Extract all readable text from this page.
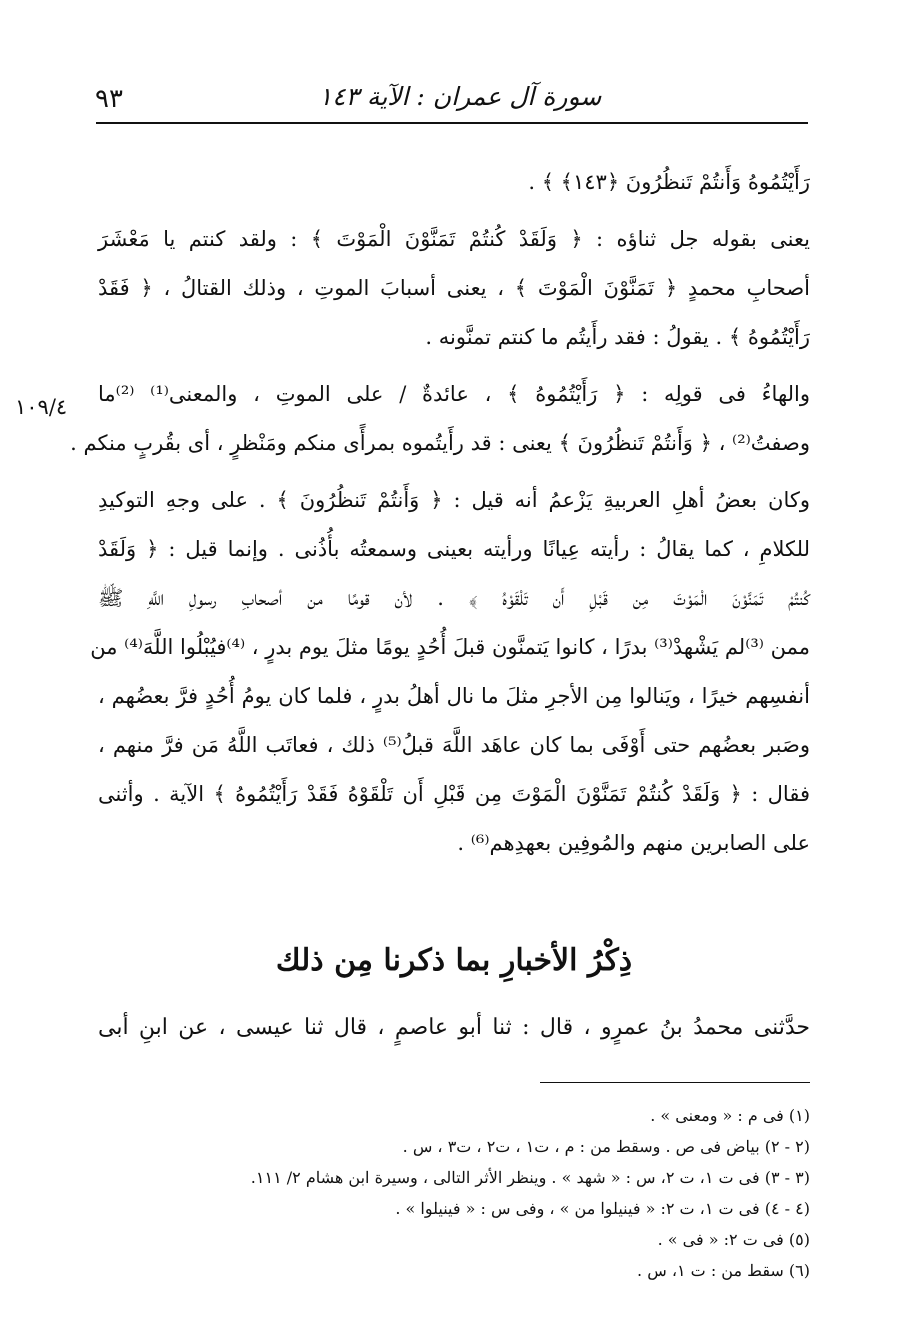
٩٣	سورة آل عمران : الآية ١٤٣
١٠٩/٤
رَأَيْتُمُوهُ وَأَنتُمْ تَنظُرُونَ ﴿١٤٣﴾ ﴾ .
يعنى بقوله جل ثناؤه : ﴿ وَلَقَدْ كُنتُمْ تَمَنَّوْنَ الْمَوْتَ ﴾ : ولقد كنتم يا مَعْشَرَ
أصحابِ محمدٍ ﴿ تَمَنَّوْنَ الْمَوْتَ ﴾ ، يعنى أسبابَ الموتِ ، وذلك القتالُ ، ﴿ فَقَدْ
رَأَيْتُمُوهُ ﴾ . يقولُ : فقد رأَيتُم ما كنتم تمنَّونه .
والهاءُ فى قولِه : ﴿ رَأَيْتُمُوهُ ﴾ ، عائدةٌ / على الموتِ ، والمعنى⁽¹⁾ ⁽²⁾ما
وصفتُ⁽²⁾ ، ﴿ وَأَنتُمْ تَنظُرُونَ ﴾ يعنى : قد رأَيتُموه بمرأًى منكم ومَنْظرٍ ، أى بقُربٍ منكم .
وكان بعضُ أهلِ العربيةِ يَزْعمُ أنه قيل : ﴿ وَأَنتُمْ تَنظُرُونَ ﴾ . على وجهِ التوكيدِ
للكلامِ ، كما يقالُ : رأيته عِيانًا ورأيته بعينى وسمعتُه بأُذُنى . وإنما قيل : ﴿ وَلَقَدْ
كُنتُمْ تَمَنَّوْنَ الْمَوْتَ مِن قَبْلِ أَن تَلْقَوْهُ ﴾ . لأن قومًا من أصحابِ رسولِ اللَّهِ ﷺ
ممن ⁽³⁾لم يَشْهدْ⁽³⁾ بدرًا ، كانوا يَتمنَّون قبلَ أُحُدٍ يومًا مثلَ يوم بدرٍ ، ⁽⁴⁾فيُبْلُوا اللَّهَ⁽⁴⁾ من
أنفسِهم خيرًا ، ويَنالوا مِن الأجرِ مثلَ ما نال أهلُ بدرٍ ، فلما كان يومُ أُحُدٍ فرَّ بعضُهم ،
وصَبر بعضُهم حتى أَوْفَى بما كان عاهَد اللَّهَ قبلُ⁽⁵⁾ ذلك ، فعاتَب اللَّهُ مَن فرَّ منهم ،
فقال : ﴿ وَلَقَدْ كُنتُمْ تَمَنَّوْنَ الْمَوْتَ مِن قَبْلِ أَن تَلْقَوْهُ فَقَدْ رَأَيْتُمُوهُ ﴾ الآية . وأثنى
على الصابرين منهم والمُوفِين بعهدِهم⁽⁶⁾ .
ذِكْرُ الأخبارِ بما ذكرنا مِن ذلك
حدَّثنى محمدُ بنُ عمرٍو ، قال : ثنا أبو عاصمٍ ، قال ثنا عيسى ، عن ابنِ أبى
(١) فى م : « ومعنى » .
(٢ - ٢) بياض فى ص . وسقط من : م ، ت١ ، ت٢ ، ت٣ ، س .
(٣ - ٣) فى ت ١، ت ٢، س : « شهد » . وينظر الأثر التالى ، وسيرة ابن هشام ٢/ ١١١.
(٤ - ٤) فى ت ١، ت ٢: « فينيلوا من » ، وفى س : « فينيلوا » .
(٥) فى ت ٢: « فى » .
(٦) سقط من : ت ١، س .
